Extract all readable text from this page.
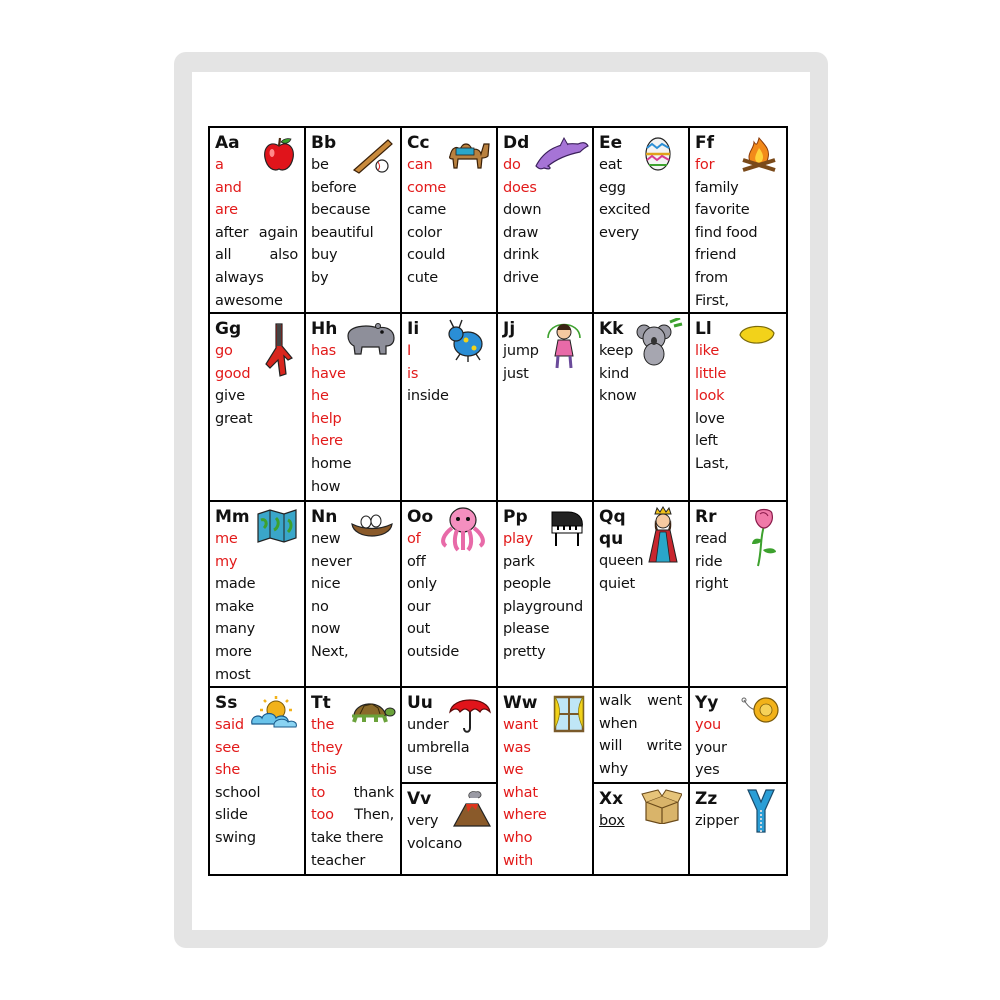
Aa
a
and
are
after again
all	also
always
awesome
Bb
be
before
because
beautiful
buy
by
Cc
can
come
came
color
could
cute
Dd
do
does
down
draw
drink
drive
Ee
eat
egg
excited
every
Ff
for
family
favorite
find food
friend
from
First,
Gg
go
good
give
great
Hh
has
have
he
help
here
home
how
Ii
I
is
inside
Jj
jump
just
Kk
keep
kind
know
Ll
like
little
look
love
left
Last,
Mm
me
my
made
make
many
more
most
Nn
new
never
nice
no
now
Next,
Oo
of
off
only
our
out
outside
Pp
play
park
people
playground
please
pretty
Qq
qu
queen
quiet
Rr
read
ride
right
Ss
said
see
she
school
slide
swing
Tt
the
they
this
to thank
too Then,
take there
teacher
Uu
under
umbrella
use
Vv
very
volcano
Ww
want
was
we
what
where
who
with
walk went
when
will write
why
Xx
box
Yy
you
your
yes
Zz
zipper
